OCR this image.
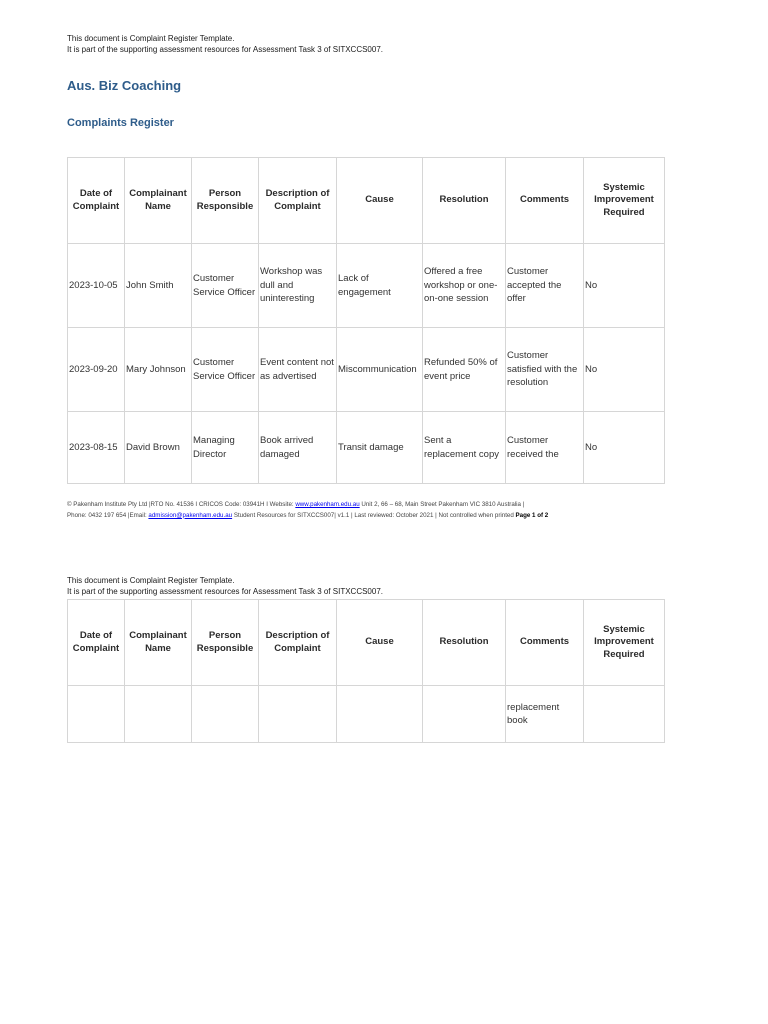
This document is Complaint Register Template.
It is part of the supporting assessment resources for Assessment Task 3 of SITXCCS007.
Aus. Biz Coaching
Complaints Register
Date of Complaint	Complainant Name	Person Responsible	Description of Complaint	Cause	Resolution	Comments	Systemic Improvement Required
2023-10-05	John Smith	Customer Service Officer	Workshop was dull and uninteresting	Lack of engagement	Offered a free workshop or one-on-one session	Customer accepted the offer	No
2023-09-20	Mary Johnson	Customer Service Officer	Event content not as advertised	Miscommunication	Refunded 50% of event price	Customer satisfied with the resolution	No
2023-08-15	David Brown	Managing Director	Book arrived damaged	Transit damage	Sent a replacement copy	Customer received the	No
© Pakenham Institute Pty Ltd |RTO No. 41536 I CRICOS Code: 03941H I Website: www.pakenham.edu.au Unit 2, 66 – 68, Main Street Pakenham VIC 3810 Australia |
Phone: 0432 197 654 |Email: admission@pakenham.edu.au Student Resources for SITXCCS007| v1.1 | Last reviewed: October 2021 | Not controlled when printed Page 1 of 2
This document is Complaint Register Template.
It is part of the supporting assessment resources for Assessment Task 3 of SITXCCS007.
Date of Complaint	Complainant Name	Person Responsible	Description of Complaint	Cause	Resolution	Comments	Systemic Improvement Required
						replacement book	
